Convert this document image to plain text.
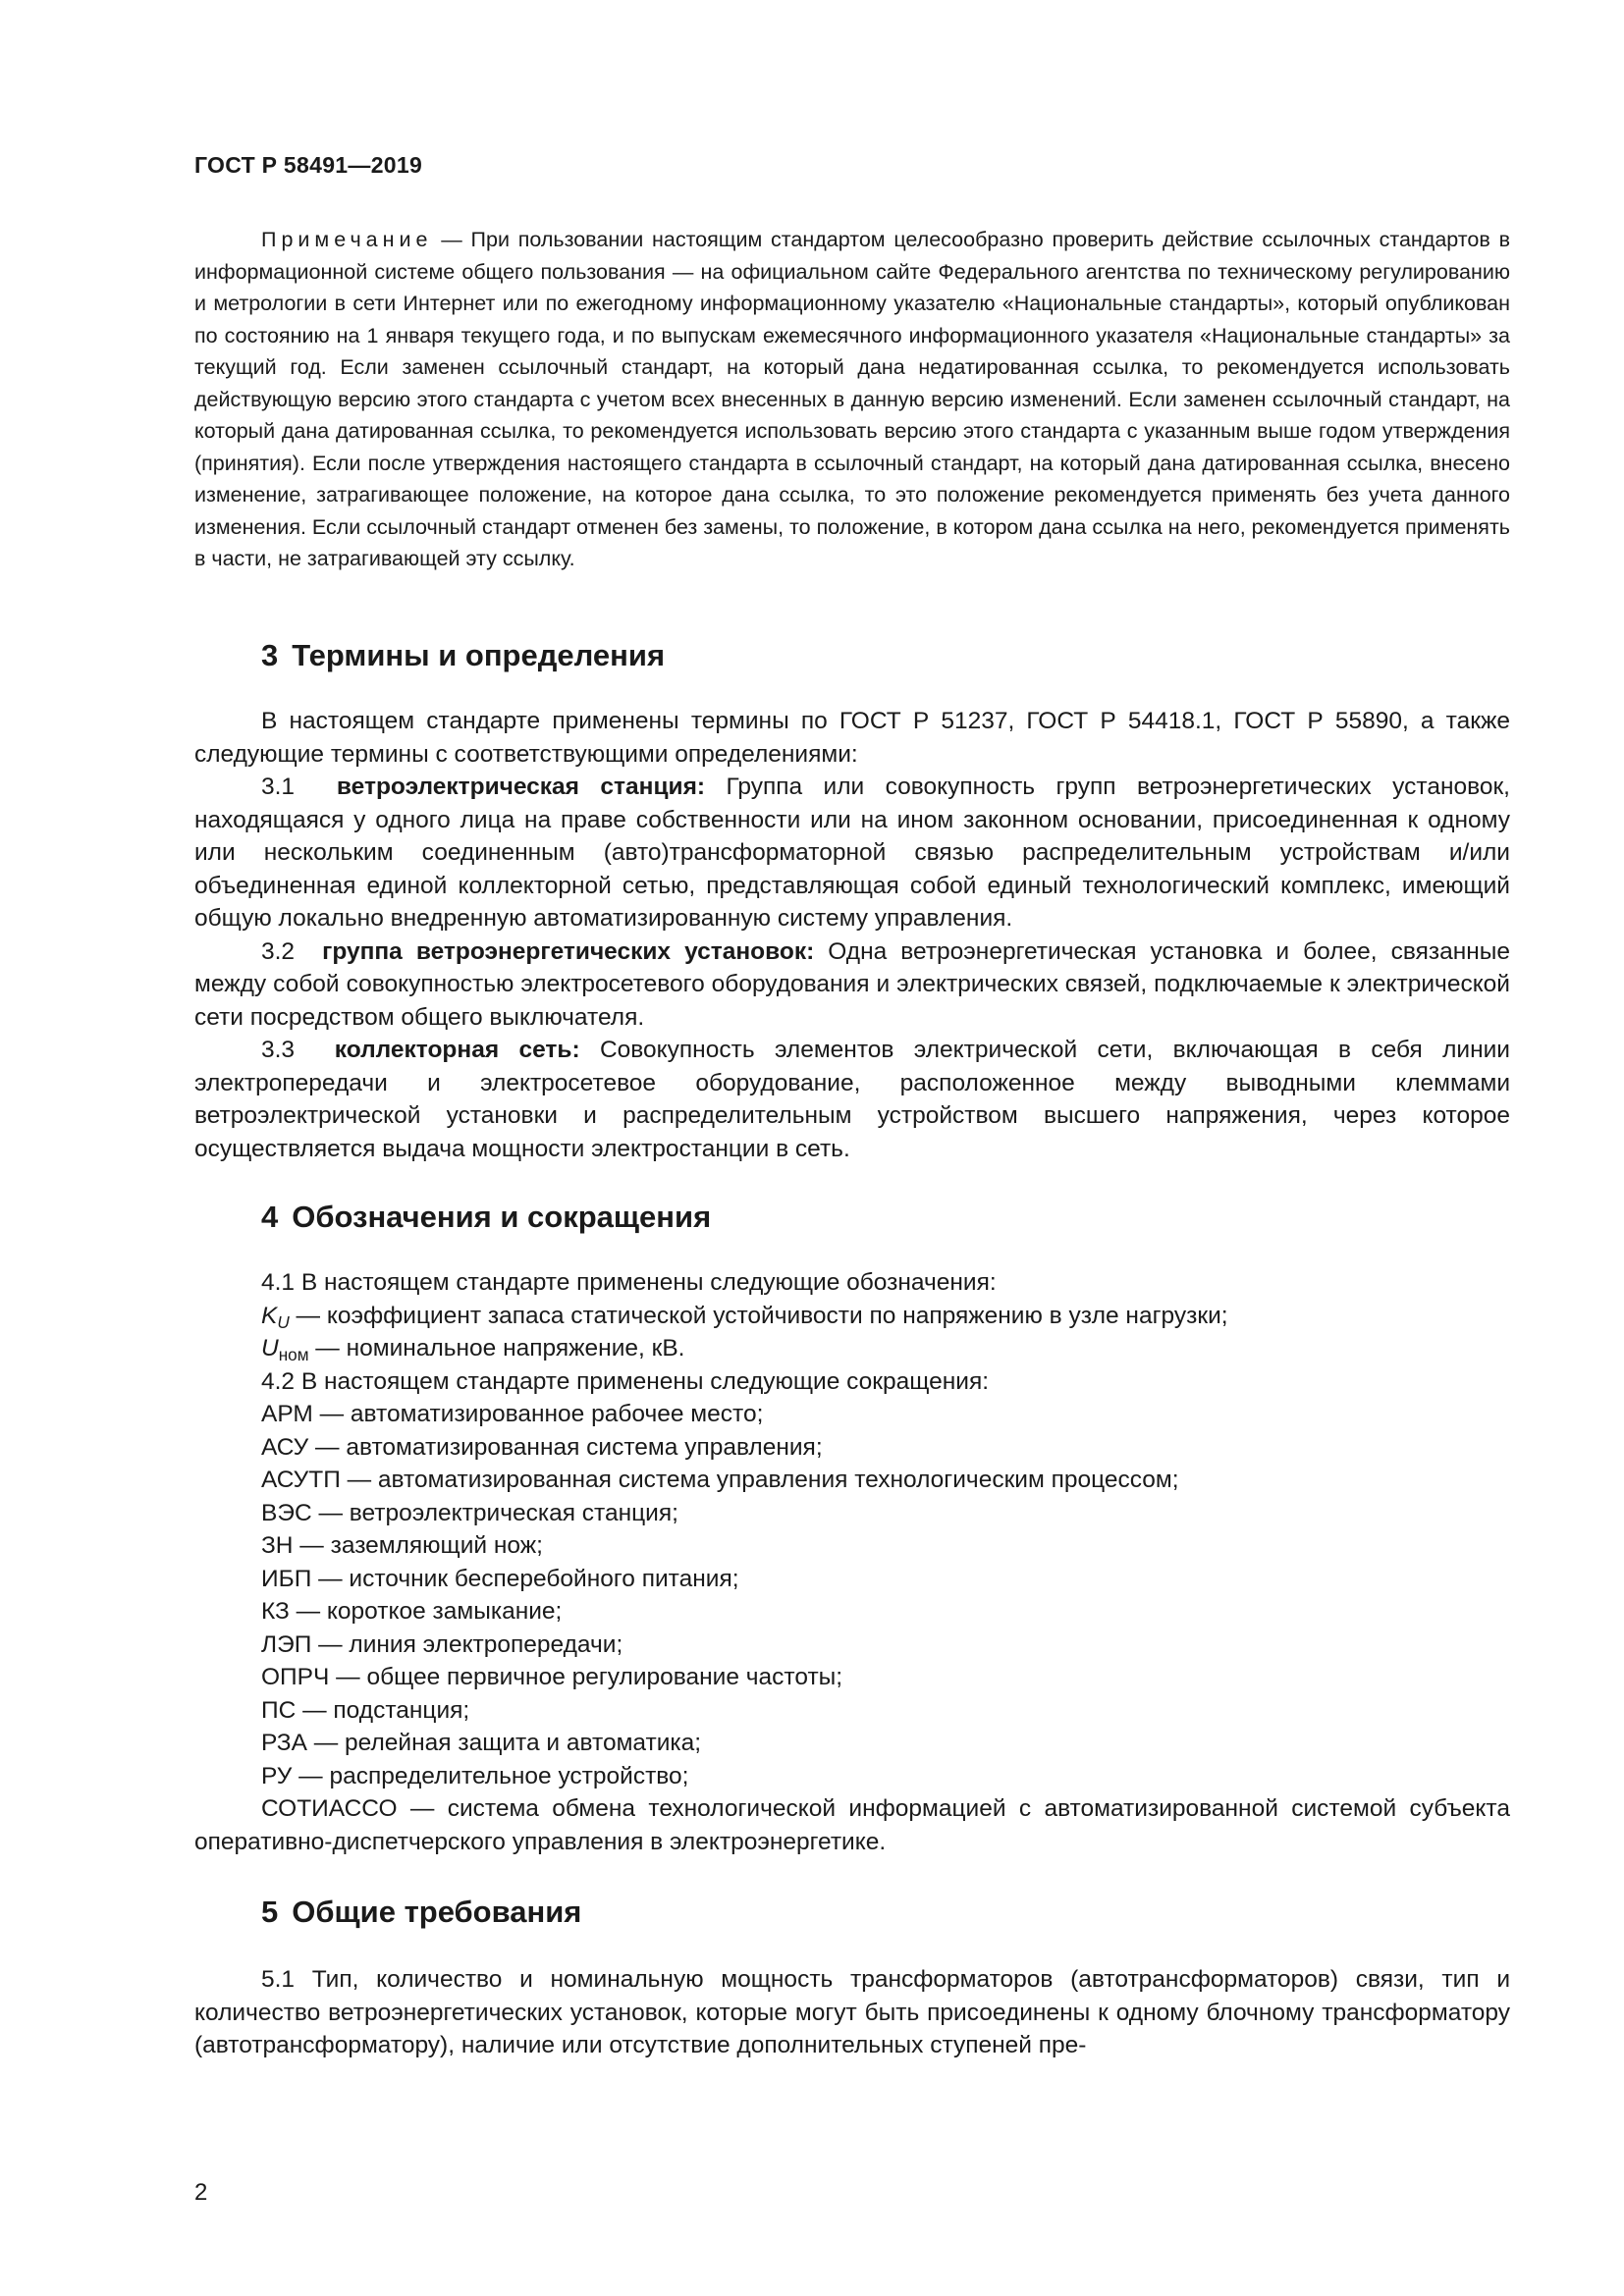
ГОСТ Р 58491—2019
Примечание — При пользовании настоящим стандартом целесообразно проверить действие ссылочных стандартов в информационной системе общего пользования — на официальном сайте Федерального агентства по техническому регулированию и метрологии в сети Интернет или по ежегодному информационному указателю «Национальные стандарты», который опубликован по состоянию на 1 января текущего года, и по выпускам ежемесячного информационного указателя «Национальные стандарты» за текущий год. Если заменен ссылочный стандарт, на который дана недатированная ссылка, то рекомендуется использовать действующую версию этого стандарта с учетом всех внесенных в данную версию изменений. Если заменен ссылочный стандарт, на который дана датированная ссылка, то рекомендуется использовать версию этого стандарта с указанным выше годом утверждения (принятия). Если после утверждения настоящего стандарта в ссылочный стандарт, на который дана датированная ссылка, внесено изменение, затрагивающее положение, на которое дана ссылка, то это положение рекомендуется применять без учета данного изменения. Если ссылочный стандарт отменен без замены, то положение, в котором дана ссылка на него, рекомендуется применять в части, не затрагивающей эту ссылку.
3 Термины и определения

В настоящем стандарте применены термины по ГОСТ Р 51237, ГОСТ Р 54418.1, ГОСТ Р 55890, а также следующие термины с соответствующими определениями:

3.1 ветроэлектрическая станция: Группа или совокупность групп ветроэнергетических установок, находящаяся у одного лица на праве собственности или на ином законном основании, присоединенная к одному или нескольким соединенным (авто)трансформаторной связью распределительным устройствам и/или объединенная единой коллекторной сетью, представляющая собой единый технологический комплекс, имеющий общую локально внедренную автоматизированную систему управления.

3.2 группа ветроэнергетических установок: Одна ветроэнергетическая установка и более, связанные между собой совокупностью электросетевого оборудования и электрических связей, подключаемые к электрической сети посредством общего выключателя.

3.3 коллекторная сеть: Совокупность элементов электрической сети, включающая в себя линии электропередачи и электросетевое оборудование, расположенное между выводными клеммами ветроэлектрической установки и распределительным устройством высшего напряжения, через которое осуществляется выдача мощности электростанции в сеть.

4 Обозначения и сокращения

4.1 В настоящем стандарте применены следующие обозначения:

$K_U$ — коэффициент запаса статической устойчивости по напряжению в узле нагрузки;

$U_{ном}$ — номинальное напряжение, кВ.

4.2 В настоящем стандарте применены следующие сокращения:

АРМ — автоматизированное рабочее место;

АСУ — автоматизированная система управления;

АСУТП — автоматизированная система управления технологическим процессом;

ВЭС — ветроэлектрическая станция;

ЗН — заземляющий нож;

ИБП — источник бесперебойного питания;

КЗ — короткое замыкание;

ЛЭП — линия электропередачи;

ОПРЧ — общее первичное регулирование частоты;

ПС — подстанция;

РЗА — релейная защита и автоматика;

РУ — распределительное устройство;

СОТИАССО — система обмена технологической информацией с автоматизированной системой субъекта оперативно-диспетчерского управления в электроэнергетике.

5 Общие требования

5.1 Тип, количество и номинальную мощность трансформаторов (автотрансформаторов) связи, тип и количество ветроэнергетических установок, которые могут быть присоединены к одному блочному трансформатору (автотрансформатору), наличие или отсутствие дополнительных ступеней пре-

2
